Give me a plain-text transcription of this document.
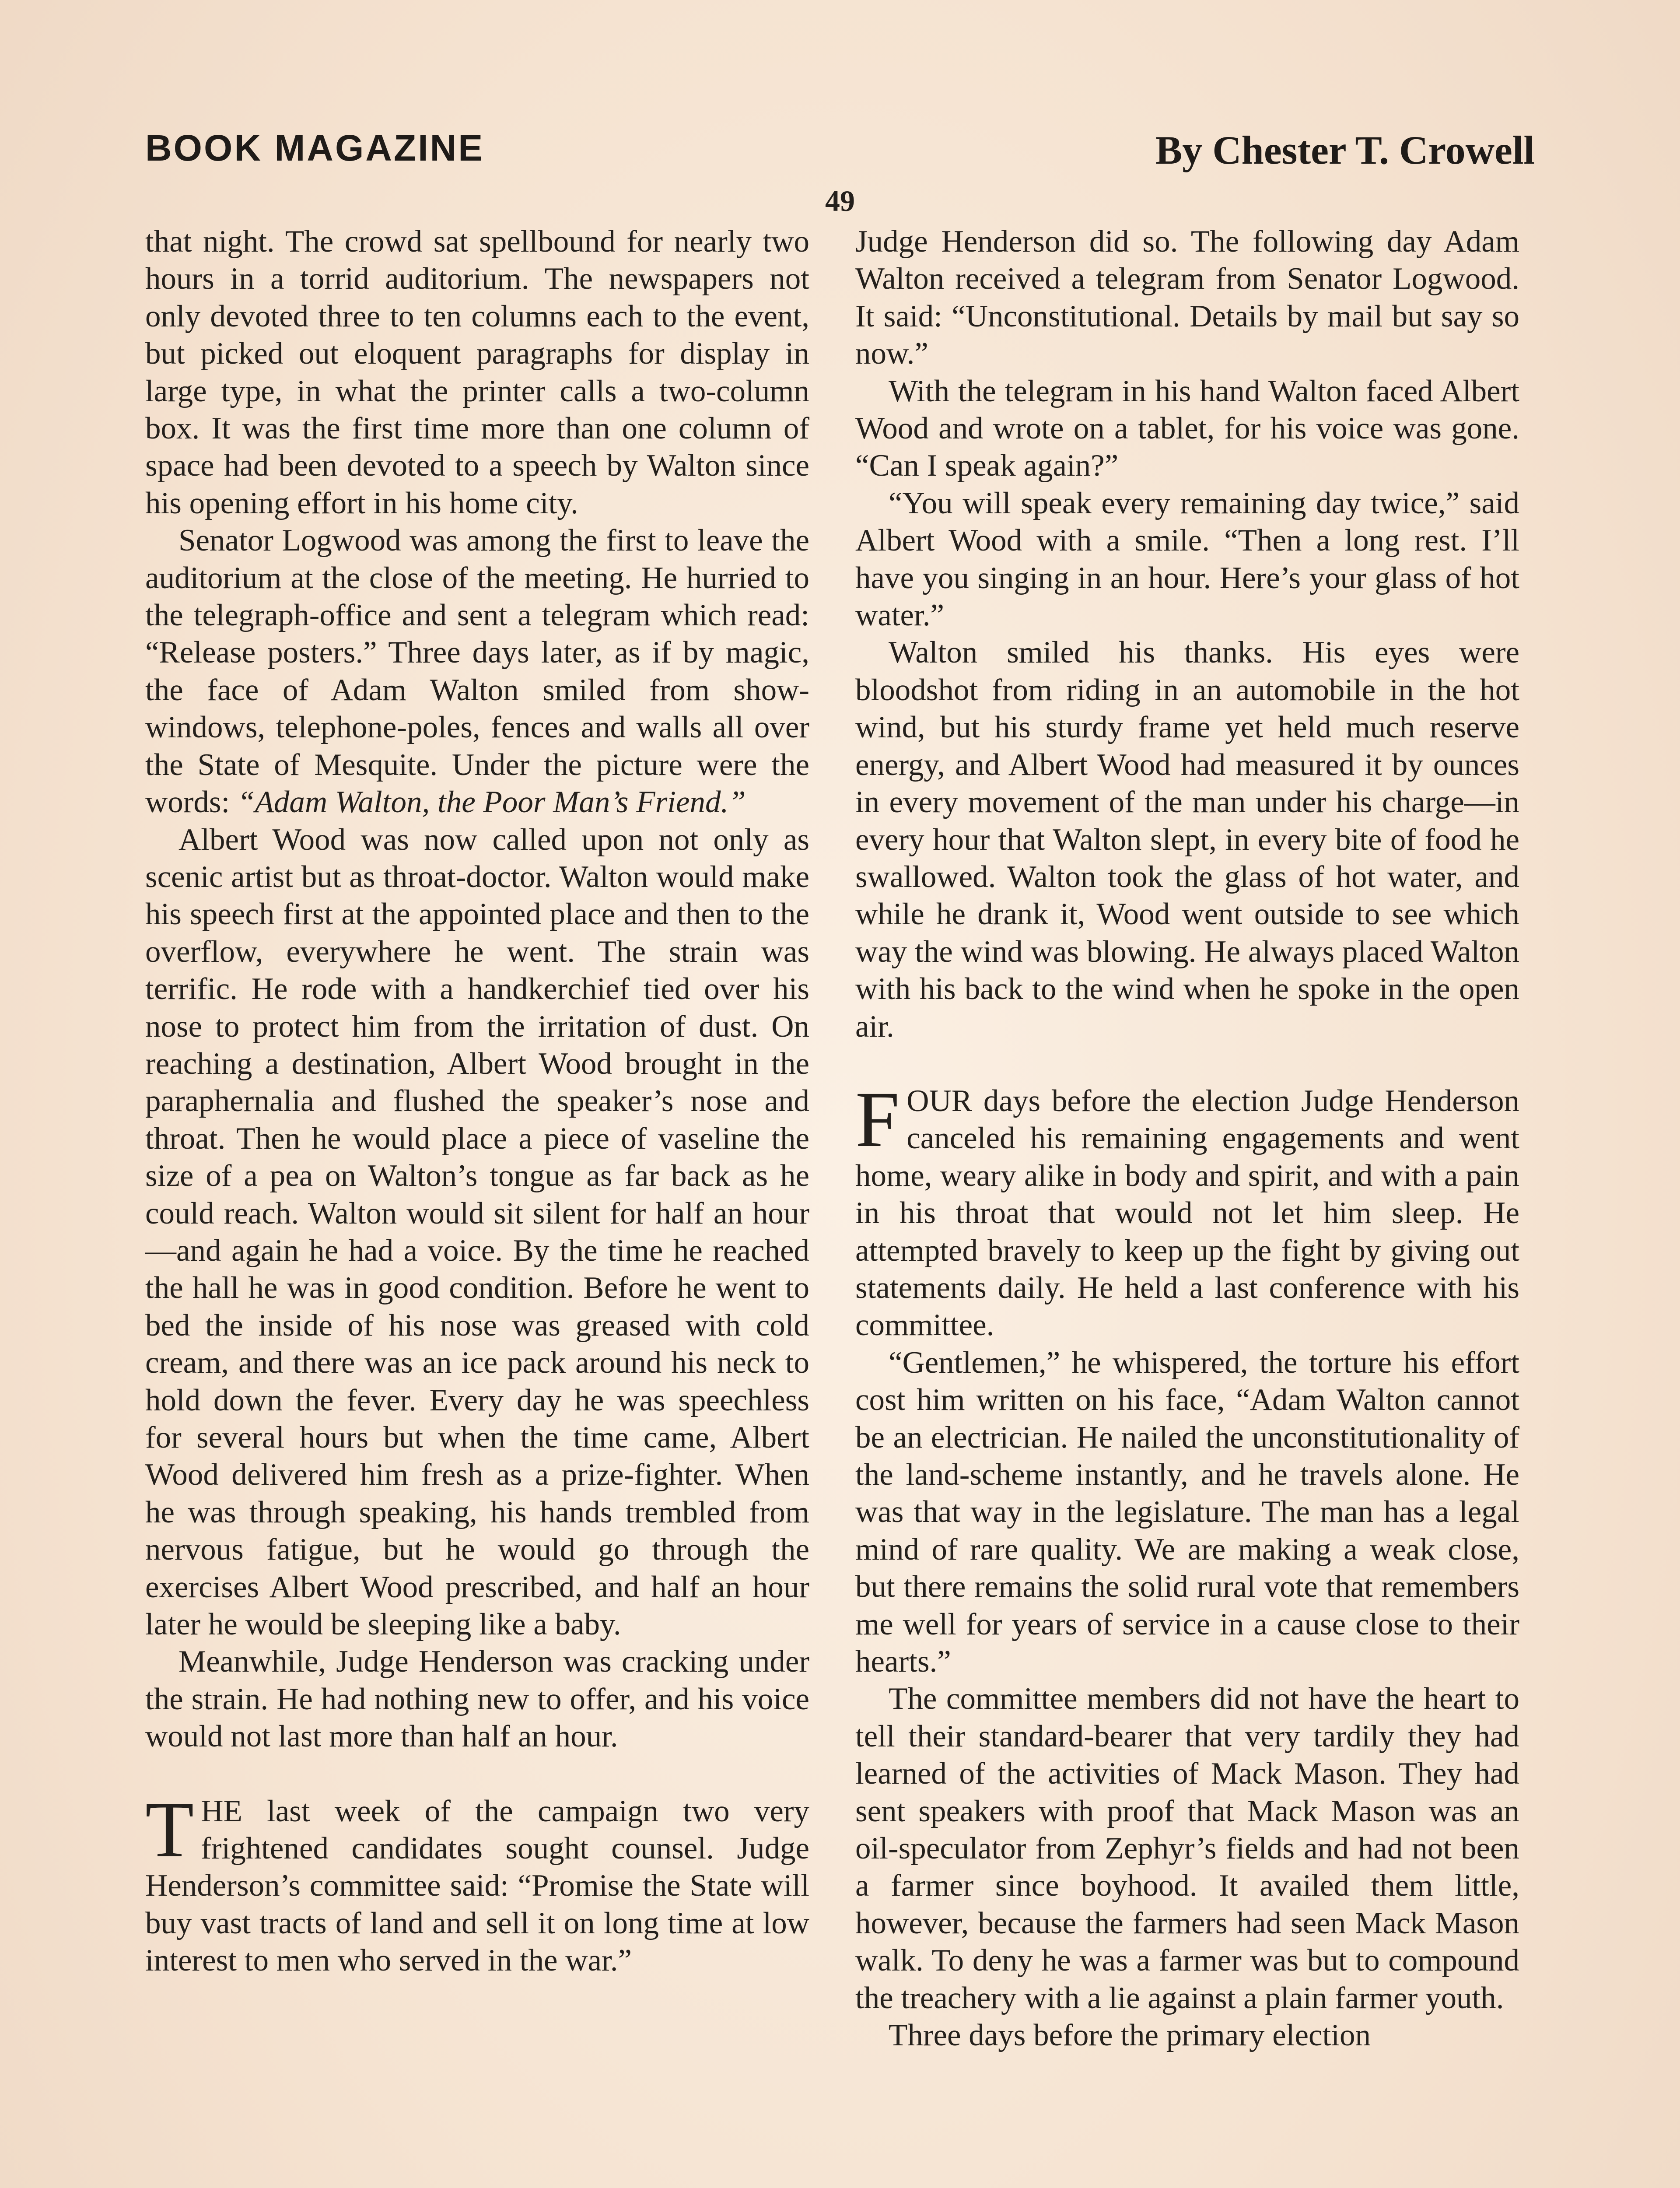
BOOK MAGAZINE	By Chester T. Crowell
49

that night. The crowd sat spellbound for nearly two hours in a torrid auditorium. The newspapers not only devoted three to ten columns each to the event, but picked out eloquent paragraphs for display in large type, in what the printer calls a two-column box. It was the first time more than one column of space had been devoted to a speech by Walton since his opening effort in his home city.

Senator Logwood was among the first to leave the auditorium at the close of the meeting. He hurried to the telegraph-office and sent a telegram which read: “Release posters.” Three days later, as if by magic, the face of Adam Walton smiled from show-windows, telephone-poles, fences and walls all over the State of Mesquite. Under the picture were the words: “Adam Walton, the Poor Man’s Friend.”

Albert Wood was now called upon not only as scenic artist but as throat-doctor. Walton would make his speech first at the appointed place and then to the overflow, everywhere he went. The strain was terrific. He rode with a handkerchief tied over his nose to protect him from the irritation of dust. On reaching a destination, Albert Wood brought in the paraphernalia and flushed the speaker’s nose and throat. Then he would place a piece of vaseline the size of a pea on Walton’s tongue as far back as he could reach. Walton would sit silent for half an hour—and again he had a voice. By the time he reached the hall he was in good condition. Before he went to bed the inside of his nose was greased with cold cream, and there was an ice pack around his neck to hold down the fever. Every day he was speechless for several hours but when the time came, Albert Wood delivered him fresh as a prize-fighter. When he was through speaking, his hands trembled from nervous fatigue, but he would go through the exercises Albert Wood prescribed, and half an hour later he would be sleeping like a baby.

Meanwhile, Judge Henderson was cracking under the strain. He had nothing new to offer, and his voice would not last more than half an hour.

THE last week of the campaign two very frightened candidates sought counsel. Judge Henderson’s committee said: “Promise the State will buy vast tracts of land and sell it on long time at low interest to men who served in the war.”

Judge Henderson did so. The following day Adam Walton received a telegram from Senator Logwood. It said: “Unconstitutional. Details by mail but say so now.”

With the telegram in his hand Walton faced Albert Wood and wrote on a tablet, for his voice was gone. “Can I speak again?”

“You will speak every remaining day twice,” said Albert Wood with a smile. “Then a long rest. I’ll have you singing in an hour. Here’s your glass of hot water.”

Walton smiled his thanks. His eyes were bloodshot from riding in an automobile in the hot wind, but his sturdy frame yet held much reserve energy, and Albert Wood had measured it by ounces in every movement of the man under his charge—in every hour that Walton slept, in every bite of food he swallowed. Walton took the glass of hot water, and while he drank it, Wood went outside to see which way the wind was blowing. He always placed Walton with his back to the wind when he spoke in the open air.

FOUR days before the election Judge Henderson canceled his remaining engagements and went home, weary alike in body and spirit, and with a pain in his throat that would not let him sleep. He attempted bravely to keep up the fight by giving out statements daily. He held a last conference with his committee.

“Gentlemen,” he whispered, the torture his effort cost him written on his face, “Adam Walton cannot be an electrician. He nailed the unconstitutionality of the land-scheme instantly, and he travels alone. He was that way in the legislature. The man has a legal mind of rare quality. We are making a weak close, but there remains the solid rural vote that remembers me well for years of service in a cause close to their hearts.”

The committee members did not have the heart to tell their standard-bearer that very tardily they had learned of the activities of Mack Mason. They had sent speakers with proof that Mack Mason was an oil-speculator from Zephyr’s fields and had not been a farmer since boyhood. It availed them little, however, because the farmers had seen Mack Mason walk. To deny he was a farmer was but to compound the treachery with a lie against a plain farmer youth.

Three days before the primary election
